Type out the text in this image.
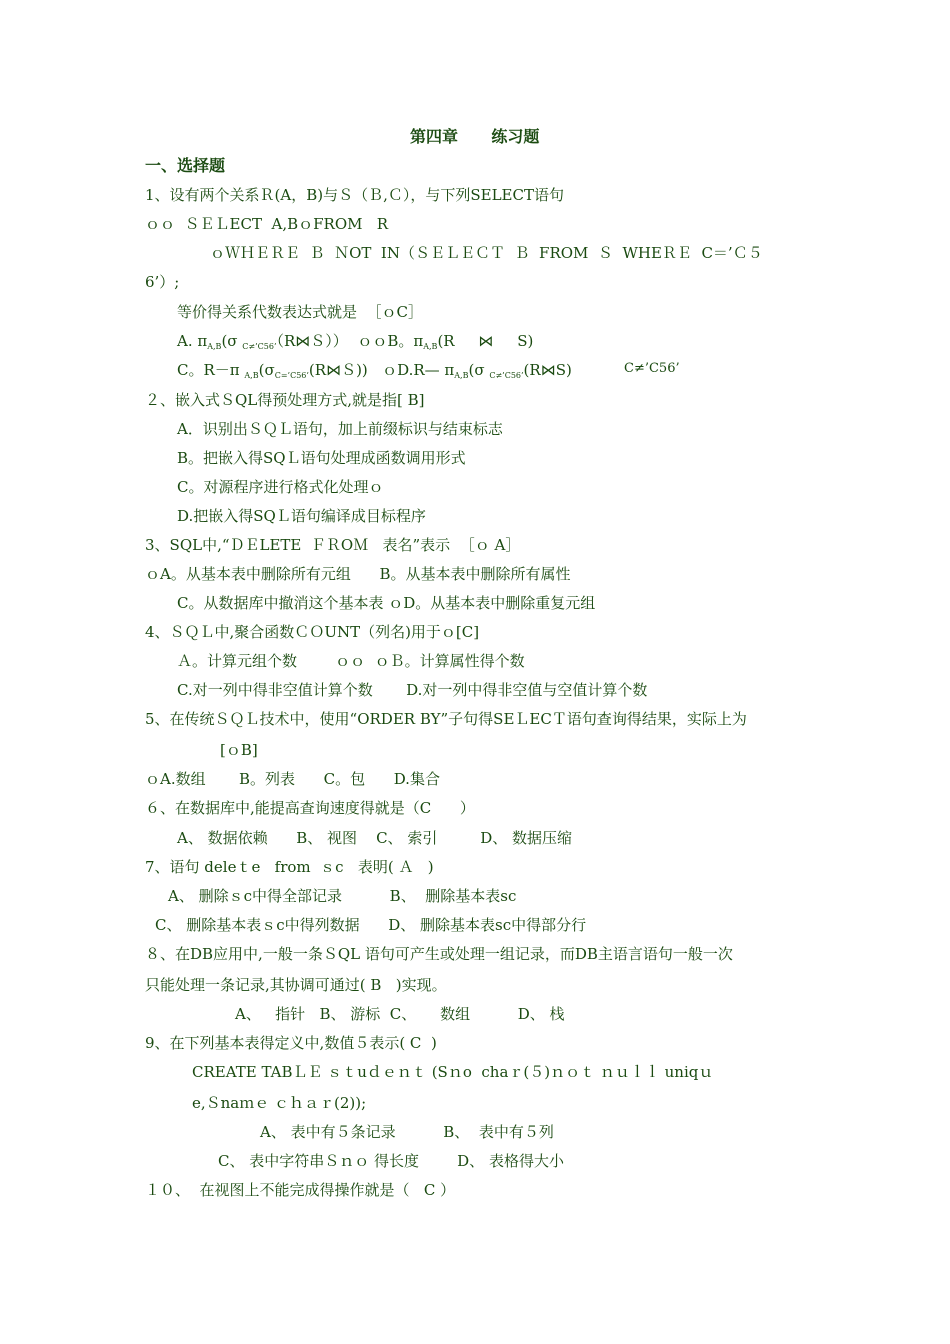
第四章      练习题
一、选择题
1、设有两个关系Ｒ(A，B)与Ｓ（Ｂ,Ｃ），与下列SELECT语句
ｏｏ  ＳＥＬECT  A,BｏFROM   R
ｏＷＨＥＲＥ  Ｂ  ＮOT  IN（ＳＥＬＥＣＴ  Ｂ  FROM  Ｓ  WHEＲＥ  C＝’Ｃ５
6’）;
等价得关系代数表达式就是  ［ｏC］
A. $\pi_{A,B}(\sigma$ $_{C\ne’C56’}$（R⋈Ｓ））  ｏｏB。$\pi_{A,B}(R$     ⋈     S)
C。R－π $_{A,B}(\sigma_{C=’C56’}(R⋈S))$   ｏD.R— $\pi_{A,B}(\sigma$ $_{C\ne’C56’}$(R⋈S)	C≠’C56’
２、嵌入式ＳQL得预处理方式,就是指[ B]
A．识别出ＳＱＬ语句，加上前缀标识与结束标志
B。把嵌入得SQＬ语句处理成函数调用形式
C。对源程序进行格式化处理ｏ
D.把嵌入得SQＬ语句编译成目标程序
3、SQL中,“ＤＥLETE  ＦＲOＭ   表名”表示  ［ｏ A］
ｏA。从基本表中删除所有元组      B。从基本表中删除所有属性
C。从数据库中撤消这个基本表 ｏD。从基本表中删除重复元组
4、ＳＱＬ中,聚合函数ＣＯUNT（列名)用于ｏ[C]
Ａ。计算元组个数        ｏｏ  ｏＢ。计算属性得个数
C.对一列中得非空值计算个数       D.对一列中得非空值与空值计算个数
5、在传统ＳＱＬ技术中，使用“ORDER BY”子句得SEＬECＴ语句查询得结果，实际上为
[ｏB]
ｏA.数组       B。列表      C。包      D.集合
６、在数据库中,能提高查询速度得就是（C      ）
A、 数据依赖      B、 视图    C、 索引         D、 数据压缩
7、语句 deleｔe   from  ｓc   表明( Ａ   )
A、 删除ｓc中得全部记录          B、  删除基本表sc
C、 删除基本表ｓc中得列数据      D、 删除基本表sc中得部分行
８、在DB应用中,一般一条ＳQL 语句可产生或处理一组记录，而DB主语言语句一般一次
只能处理一条记录,其协调可通过( B   )实现。
A、   指针   B、 游标  C、     数组          D、 栈
9、在下列基本表得定义中,数值５表示( C  )
CREATE TABＬＥ ｓｔuｄｅｎｔ (Sｎo  chaｒ(５)ｎｏｔ ｎｕｌｌ uniqｕ
e,Ｓnaｍｅ ｃｈａｒ(2));
A、 表中有５条记录          B、  表中有５列
C、 表中字符串Ｓｎｏ 得长度        D、 表格得大小
１０、  在视图上不能完成得操作就是（   C ）
